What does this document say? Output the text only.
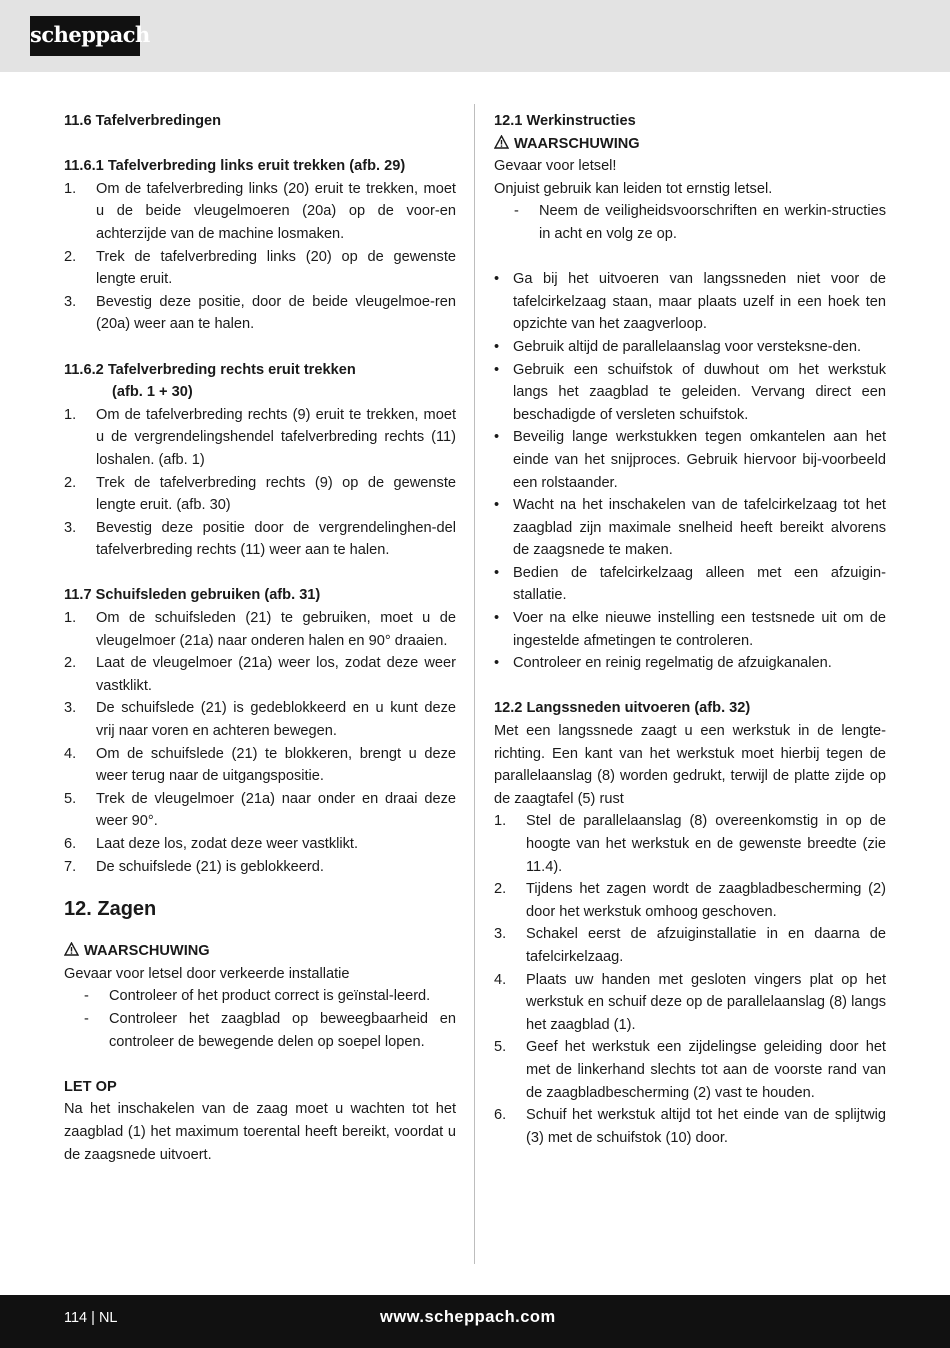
scheppach
11.6 Tafelverbredingen
11.6.1 Tafelverbreding links eruit trekken (afb. 29)
1. Om de tafelverbreding links (20) eruit te trekken, moet u de beide vleugelmoeren (20a) op de voor-en achterzijde van de machine losmaken.
2. Trek de tafelverbreding links (20) op de gewenste lengte eruit.
3. Bevestig deze positie, door de beide vleugelmoe-ren (20a) weer aan te halen.
11.6.2 Tafelverbreding rechts eruit trekken
(afb. 1 + 30)
1. Om de tafelverbreding rechts (9) eruit te trekken, moet u de vergrendelingshendel tafelverbreding rechts (11) loshalen. (afb. 1)
2. Trek de tafelverbreding rechts (9) op de gewenste lengte eruit. (afb. 30)
3. Bevestig deze positie door de vergrendelinghen-del tafelverbreding rechts (11) weer aan te halen.
11.7 Schuifsleden gebruiken (afb. 31)
1. Om de schuifsleden (21) te gebruiken, moet u de vleugelmoer (21a) naar onderen halen en 90° draaien.
2. Laat de vleugelmoer (21a) weer los, zodat deze weer vastklikt.
3. De schuifslede (21) is gedeblokkeerd en u kunt deze vrij naar voren en achteren bewegen.
4. Om de schuifslede (21) te blokkeren, brengt u deze weer terug naar de uitgangspositie.
5. Trek de vleugelmoer (21a) naar onder en draai deze weer 90°.
6. Laat deze los, zodat deze weer vastklikt.
7. De schuifslede (21) is geblokkeerd.
12. Zagen
WAARSCHUWING
Gevaar voor letsel door verkeerde installatie
- Controleer of het product correct is geïnstal-leerd.
- Controleer het zaagblad op beweegbaarheid en controleer de bewegende delen op soepel lopen.
LET OP
Na het inschakelen van de zaag moet u wachten tot het zaagblad (1) het maximum toerental heeft bereikt, voordat u de zaagsnede uitvoert.
12.1 Werkinstructies
WAARSCHUWING
Gevaar voor letsel!
Onjuist gebruik kan leiden tot ernstig letsel.
- Neem de veiligheidsvoorschriften en werkin-structies in acht en volg ze op.
• Ga bij het uitvoeren van langssneden niet voor de tafelcirkelzaag staan, maar plaats uzelf in een hoek ten opzichte van het zaagverloop.
• Gebruik altijd de parallelaanslag voor versteksne-den.
• Gebruik een schuifstok of duwhout om het werkstuk langs het zaagblad te geleiden. Vervang direct een beschadigde of versleten schuifstok.
• Beveilig lange werkstukken tegen omkantelen aan het einde van het snijproces. Gebruik hiervoor bij-voorbeeld een rolstaander.
• Wacht na het inschakelen van de tafelcirkelzaag tot het zaagblad zijn maximale snelheid heeft bereikt alvorens de zaagsnede te maken.
• Bedien de tafelcirkelzaag alleen met een afzuigin-stallatie.
• Voer na elke nieuwe instelling een testsnede uit om de ingestelde afmetingen te controleren.
• Controleer en reinig regelmatig de afzuigkanalen.
12.2 Langssneden uitvoeren (afb. 32)
Met een langssnede zaagt u een werkstuk in de lengte-richting. Een kant van het werkstuk moet hierbij tegen de parallelaanslag (8) worden gedrukt, terwijl de platte zijde op de zaagtafel (5) rust
1. Stel de parallelaanslag (8) overeenkomstig in op de hoogte van het werkstuk en de gewenste breedte (zie 11.4).
2. Tijdens het zagen wordt de zaagbladbescherming (2) door het werkstuk omhoog geschoven.
3. Schakel eerst de afzuiginstallatie in en daarna de tafelcirkelzaag.
4. Plaats uw handen met gesloten vingers plat op het werkstuk en schuif deze op de parallelaanslag (8) langs het zaagblad (1).
5. Geef het werkstuk een zijdelingse geleiding door het met de linkerhand slechts tot aan de voorste rand van de zaagbladbescherming (2) vast te houden.
6. Schuif het werkstuk altijd tot het einde van de splijtwig (3) met de schuifstok (10) door.
114 | NL	www.scheppach.com
